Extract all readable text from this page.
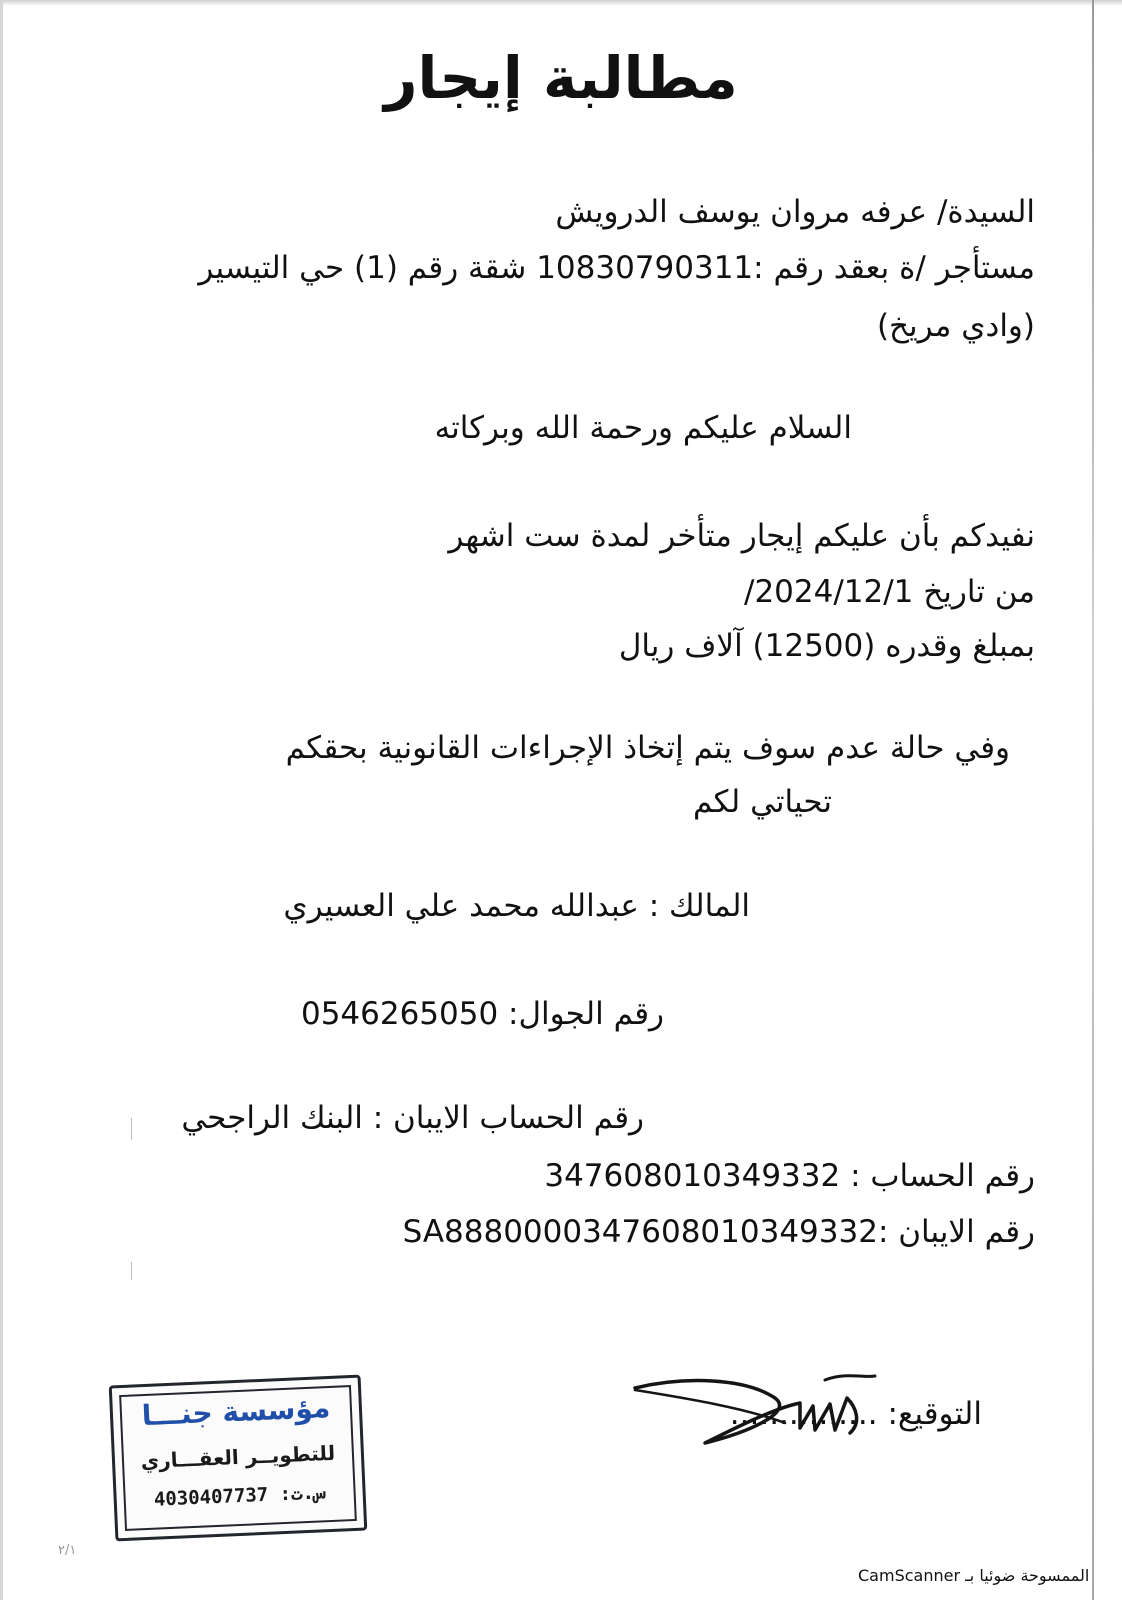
مطالبة إيجار
السيدة/ عرفه مروان يوسف الدرويش
مستأجر /ة بعقد رقم :10830790311 شقة رقم (1) حي التيسير
(وادي مريخ)
السلام عليكم ورحمة الله وبركاته
نفيدكم بأن عليكم إيجار متأخر لمدة ست اشهر
من تاريخ 2024/12/1/
بمبلغ وقدره (12500) آلاف ريال
وفي حالة عدم سوف يتم إتخاذ الإجراءات القانونية بحقكم
تحياتي لكم
المالك : عبدالله محمد علي العسيري
رقم الجوال: 0546265050
رقم الحساب الايبان : البنك الراجحي
رقم الحساب : 347608010349332
رقم الايبان :SA8880000347608010349332
التوقيع: ...............
مؤسسة جنـــا
للتطويــر العقـــاري
س.ت: 4030407737
٢/١
الممسوحة ضوئيا بـ CamScanner
